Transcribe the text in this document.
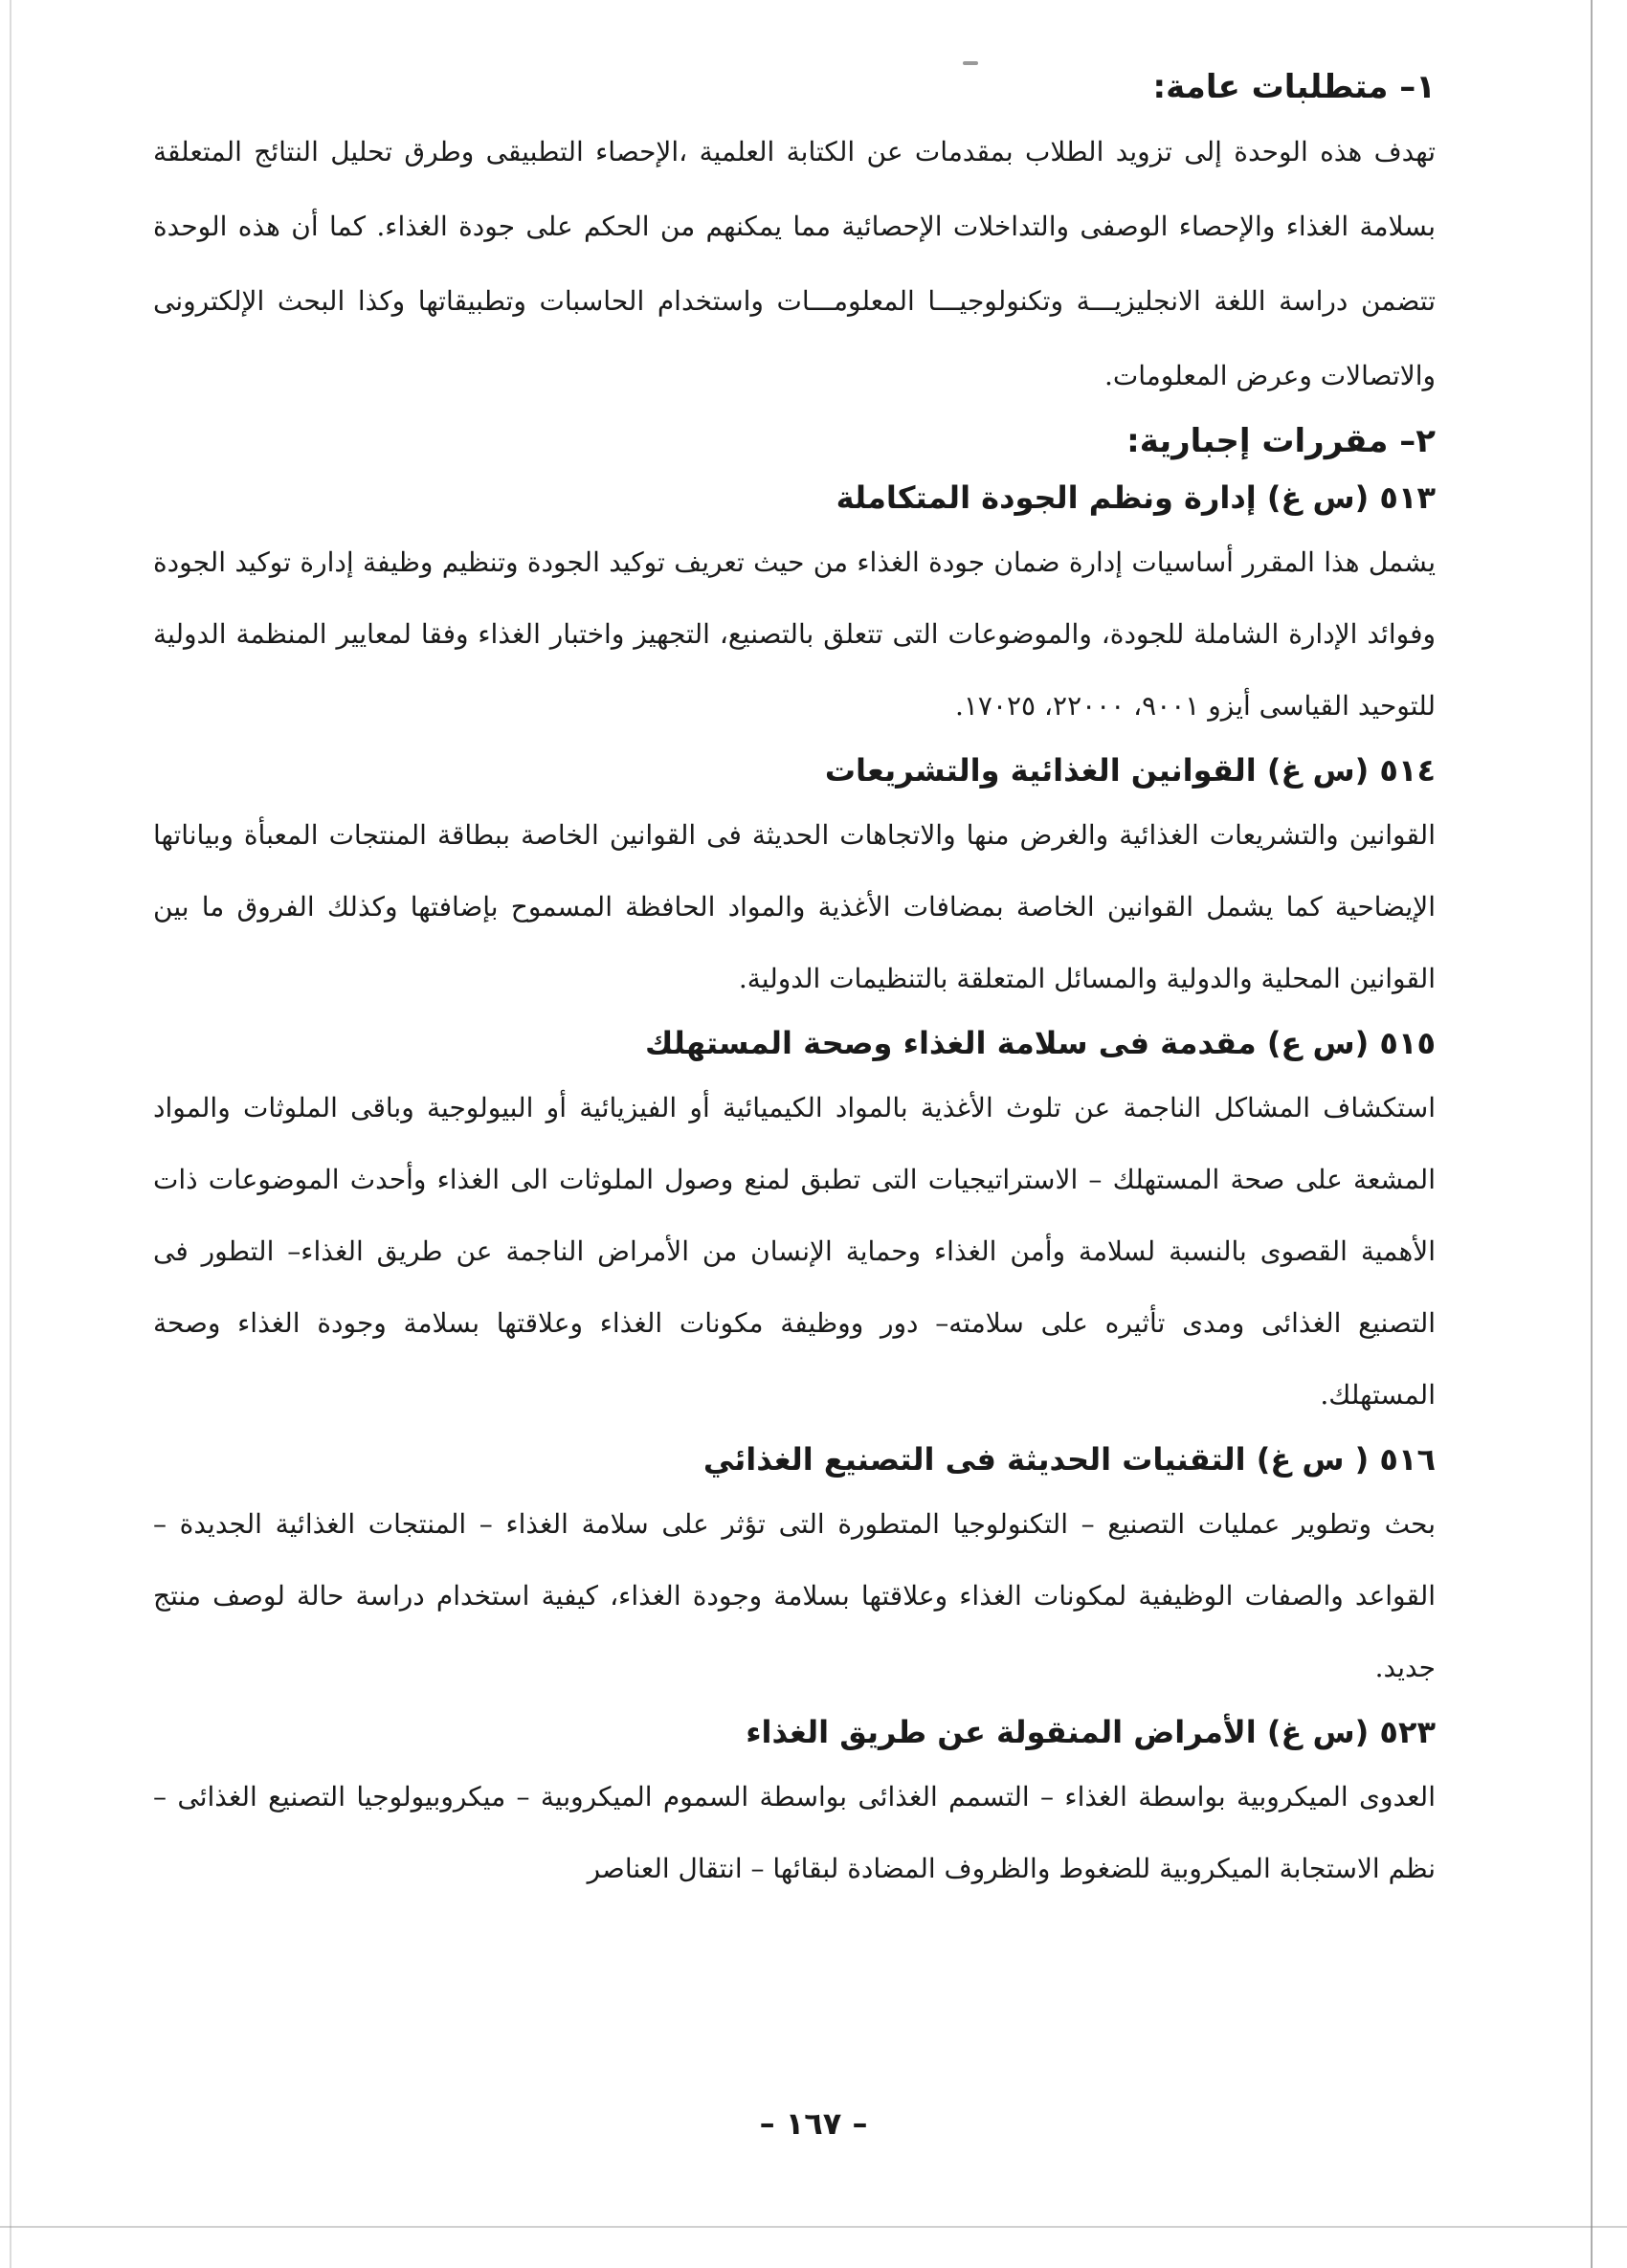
١– متطلبات عامة:

تهدف هذه الوحدة إلى تزويد الطلاب بمقدمات عن الكتابة العلمية ،الإحصاء التطبيقى وطرق تحليل النتائج المتعلقة بسلامة الغذاء والإحصاء الوصفى والتداخلات الإحصائية مما يمكنهم من الحكم على جودة الغذاء. كما أن هذه الوحدة تتضمن دراسة اللغة الانجليزيـــة وتكنولوجيـــا المعلومـــات واستخدام الحاسبات وتطبيقاتها وكذا البحث الإلكترونى والاتصالات وعرض المعلومات.

٢– مقررات إجبارية:
٥١٣ (س غ) إدارة ونظم الجودة المتكاملة

يشمل هذا المقرر أساسيات إدارة ضمان جودة الغذاء من حيث تعريف توكيد الجودة وتنظيم وظيفة إدارة توكيد الجودة وفوائد الإدارة الشاملة للجودة، والموضوعات التى تتعلق بالتصنيع، التجهيز واختبار الغذاء وفقا لمعايير المنظمة الدولية للتوحيد القياسى أيزو ٩٠٠١، ٢٢٠٠٠، ١٧٠٢٥.

٥١٤ (س غ) القوانين الغذائية والتشريعات

القوانين والتشريعات الغذائية والغرض منها والاتجاهات الحديثة فى القوانين الخاصة ببطاقة المنتجات المعبأة وبياناتها الإيضاحية كما يشمل القوانين الخاصة بمضافات الأغذية والمواد الحافظة المسموح بإضافتها وكذلك الفروق ما بين القوانين المحلية والدولية والمسائل المتعلقة بالتنظيمات الدولية.

٥١٥ (س ع) مقدمة فى سلامة الغذاء وصحة المستهلك

استكشاف المشاكل الناجمة عن تلوث الأغذية بالمواد الكيميائية أو الفيزيائية أو البيولوجية وباقى الملوثات والمواد المشعة على صحة المستهلك – الاستراتيجيات التى تطبق لمنع وصول الملوثات الى الغذاء وأحدث الموضوعات ذات الأهمية القصوى بالنسبة لسلامة وأمن الغذاء وحماية الإنسان من الأمراض الناجمة عن طريق الغذاء– التطور فى التصنيع الغذائى ومدى تأثيره على سلامته– دور ووظيفة مكونات الغذاء وعلاقتها بسلامة وجودة الغذاء وصحة المستهلك.

٥١٦ ( س غ) التقنيات الحديثة فى التصنيع الغذائي

بحث وتطوير عمليات التصنيع – التكنولوجيا المتطورة التى تؤثر على سلامة الغذاء – المنتجات الغذائية الجديدة – القواعد والصفات الوظيفية لمكونات الغذاء وعلاقتها بسلامة وجودة الغذاء، كيفية استخدام دراسة حالة لوصف منتج جديد.

٥٢٣ (س غ) الأمراض المنقولة عن طريق الغذاء

العدوى الميكروبية بواسطة الغذاء – التسمم الغذائى بواسطة السموم الميكروبية – ميكروبيولوجيا التصنيع الغذائى – نظم الاستجابة الميكروبية للضغوط والظروف المضادة لبقائها – انتقال العناصر

– ١٦٧ –
